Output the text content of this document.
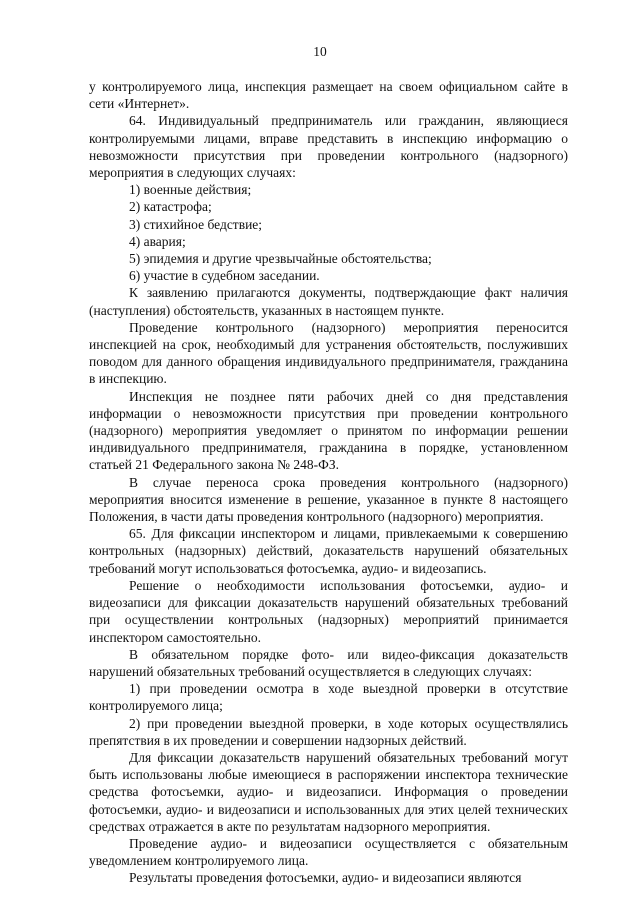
10

у контролируемого лица, инспекция размещает на своем официальном сайте в сети «Интернет».

64. Индивидуальный предприниматель или гражданин, являющиеся контролируемыми лицами, вправе представить в инспекцию информацию о невозможности присутствия при проведении контрольного (надзорного) мероприятия в следующих случаях:

1) военные действия;

2) катастрофа;

3) стихийное бедствие;

4) авария;

5) эпидемия и другие чрезвычайные обстоятельства;

6) участие в судебном заседании.

К заявлению прилагаются документы, подтверждающие факт наличия (наступления) обстоятельств, указанных в настоящем пункте.

Проведение контрольного (надзорного) мероприятия переносится инспекцией на срок, необходимый для устранения обстоятельств, послуживших поводом для данного обращения индивидуального предпринимателя, гражданина в инспекцию.

Инспекция не позднее пяти рабочих дней со дня представления информации о невозможности присутствия при проведении контрольного (надзорного) мероприятия уведомляет о принятом по информации решении индивидуального предпринимателя, гражданина в порядке, установленном статьей 21 Федерального закона № 248-ФЗ.

В случае переноса срока проведения контрольного (надзорного) мероприятия вносится изменение в решение, указанное в пункте 8 настоящего Положения, в части даты проведения контрольного (надзорного) мероприятия.

65. Для фиксации инспектором и лицами, привлекаемыми к совершению контрольных (надзорных) действий, доказательств нарушений обязательных требований могут использоваться фотосъемка, аудио- и видеозапись.

Решение о необходимости использования фотосъемки, аудио- и видеозаписи для фиксации доказательств нарушений обязательных требований при осуществлении контрольных (надзорных) мероприятий принимается инспектором самостоятельно.

В обязательном порядке фото- или видео-фиксация доказательств нарушений обязательных требований осуществляется в следующих случаях:

1) при проведении осмотра в ходе выездной проверки в отсутствие контролируемого лица;

2) при проведении выездной проверки, в ходе которых осуществлялись препятствия в их проведении и совершении надзорных действий.

Для фиксации доказательств нарушений обязательных требований могут быть использованы любые имеющиеся в распоряжении инспектора технические средства фотосъемки, аудио- и видеозаписи. Информация о проведении фотосъемки, аудио- и видеозаписи и использованных для этих целей технических средствах отражается в акте по результатам надзорного мероприятия.

Проведение аудио- и видеозаписи осуществляется с обязательным уведомлением контролируемого лица.

Результаты проведения фотосъемки, аудио- и видеозаписи являются
